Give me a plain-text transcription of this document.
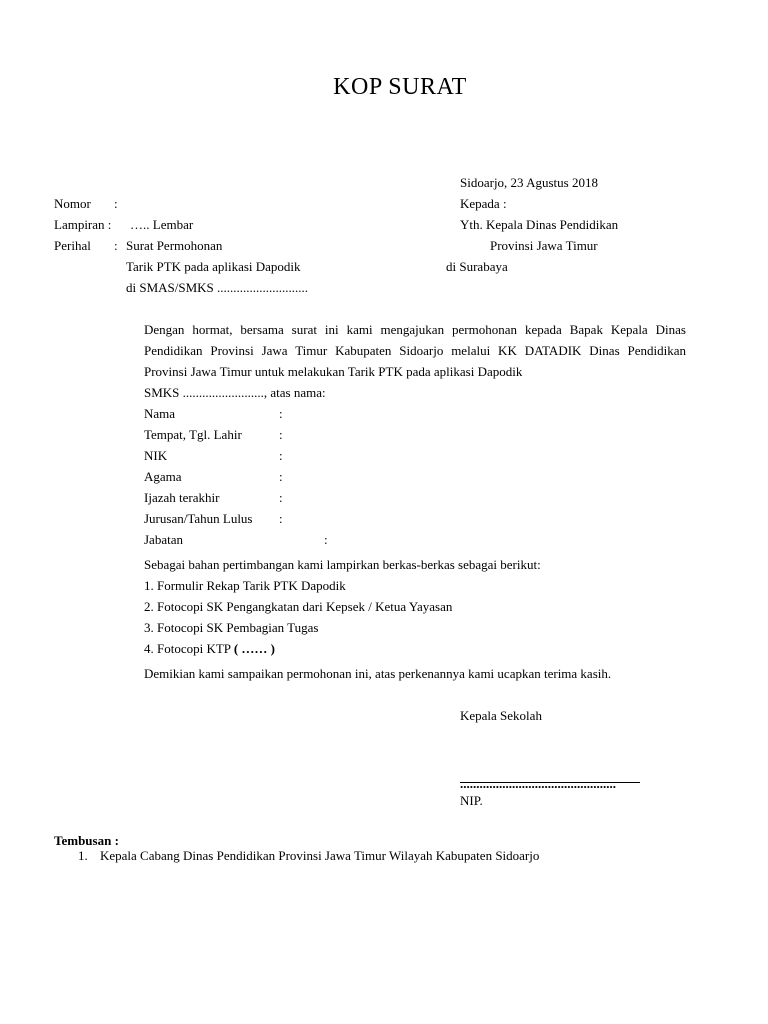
KOP SURAT
Sidoarjo, 23 Agustus 2018
Nomor :
Lampiran : ….. Lembar
Perihal : Surat Permohonan
Tarik PTK pada aplikasi Dapodik
di SMAS/SMKS ............................
Kepada :
Yth. Kepala Dinas Pendidikan
Provinsi Jawa Timur
di Surabaya
Dengan hormat, bersama surat ini kami mengajukan permohonan kepada Bapak Kepala Dinas Pendidikan Provinsi Jawa Timur Kabupaten Sidoarjo melalui KK DATADIK Dinas Pendidikan Provinsi Jawa Timur untuk melakukan Tarik PTK pada aplikasi Dapodik
SMKS ........................., atas nama:
Nama	:
Tempat, Tgl. Lahir	:
NIK	:
Agama	:
Ijazah terakhir	:
Jurusan/Tahun Lulus :
Jabatan	:
Sebagai bahan pertimbangan kami lampirkan berkas-berkas sebagai berikut:
1. Formulir Rekap Tarik PTK Dapodik
2. Fotocopi SK Pengangkatan dari Kepsek / Ketua Yayasan
3. Fotocopi SK Pembagian Tugas
4. Fotocopi KTP ( …… )
Demikian kami sampaikan permohonan ini, atas perkenannya kami ucapkan terima kasih.
Kepala Sekolah
................................................
NIP.
Tembusan :
1. Kepala Cabang Dinas Pendidikan Provinsi Jawa Timur Wilayah Kabupaten Sidoarjo
